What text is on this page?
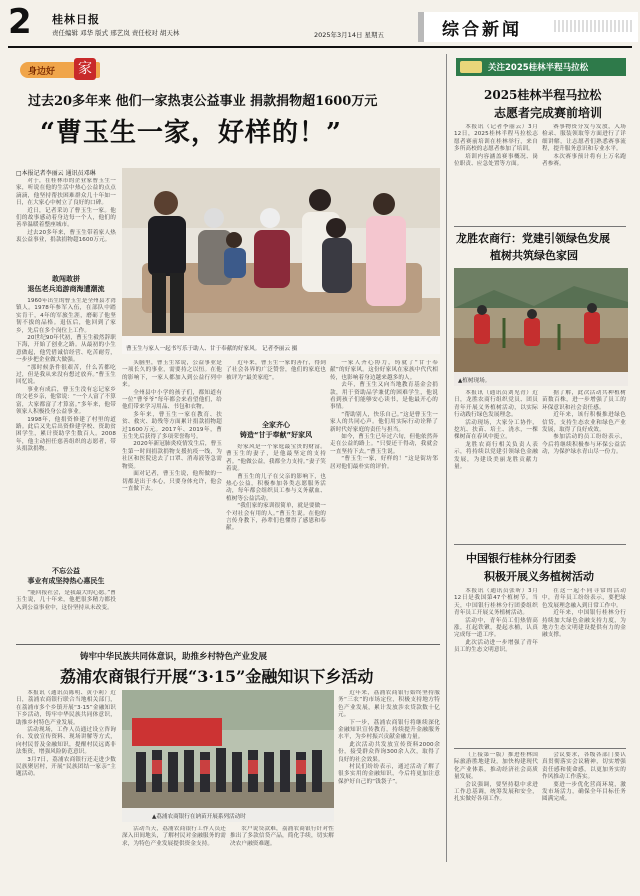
2 桂林日报
责任编辑 邓华 版式 邢艺岚 责任校对 胡天林	2025年3月14日 星期五	综合新闻
身边好 家
过去20多年来 他们一家热衷公益事业 捐款捐物超1600万元
“曹玉生一家，好样的！”
□本报记者李丽云 通讯员邓琳

对于，在桂林市的企业家曹玉生一家，听说在他的生活中热心公益的点点滴滴，他坚持帮扶困难群众几十年如一日，在大家心中树立了良好的口碑。

近日，记者采访了曹玉生一家。他们的故事感动着身边每一个人，他们的善举温暖着整座城市。

过去20多年来，曹玉生带着家人热衷公益事业，捐款捐物超1600万元。

敢闯敢拼
退伍老兵追游商海遭潮流

1960年出生的曹玉生是全州县才湾镇人。1978年参军入伍，在部队中踏实肯干，4年的军旅生涯，磨砺了他坚韧不拔的品格。退伍后，他回到了家乡，先后在多个岗位上工作。

20世纪90年代初，曹玉生毅然辞职下海，开始了创业之路。从最初的小生意做起，他凭借诚信经营、吃苦耐劳，一步步把企业做大做强。

“那时候条件很艰苦，什么苦都吃过，但是我从来没有想过放弃。”曹玉生回忆说。

事业有成后，曹玉生没有忘记家乡的父老乡亲，他常说：“一个人富了不算富，大家都富了才算富。”多年来，他带领家人积极投身公益事业。

1998年，他捐资修建了村里的道路。此后又先后出资修建学校、资助贫困学生，累计资助学生数百人。2008年，他主动担任慈善组织的志愿者，带头捐款捐物。

不忘公益
事业有成坚持热心惠民生

“能回报社会，是我最大的心愿。”曹玉生说，几十年来，他把很多精力都投入到公益事业中，这份坚持从未改变。

曹玉生与家人一起书写乐于助人、甘于奉献的好家风。 记者李丽云 摄

头脑里，曹玉生常说，公益事业是一项长久的事业，需要持之以恒。在他的影响下，一家人都加入到公益行列中来。

全州县中小学的孩子们，都知道有一位“曹爷爷”每年都会来看望他们，给他们带来学习用品、书包和衣物。

多年来，曹玉生一家在教育、扶贫、救灾、助残等方面累计捐款捐物超过1600万元。2017年、2019年，曹玉生先后获得了多项荣誉称号。

2020年新冠肺炎疫情发生后，曹玉生第一时间捐款捐物支援抗疫一线，为社区和医院送去了口罩、消毒液等急需物资。

面对记者，曹玉生说，他所做的一切都是出于本心，只要身体允许，他会一直做下去。

近年来，曹玉生一家的善行，得到了社会各界的广泛赞誉，他们的家庭也被评为“最美家庭”。

全家齐心
铸造“甘于奉献”好家风

好家风是一个家庭最宝贵的财富。曹玉生的妻子，是他最坚定的支持者。“他做公益，我都全力支持。”妻子笑着说。

曹玉生的儿子在父亲的影响下，也热心公益，积极参加各类志愿服务活动，每年都会组织员工参与义务献血、植树等公益活动。

“我们家的家训很简单，就是要做一个对社会有用的人。”曹玉生说。在他的言传身教下，孙辈们也懂得了感恩和奉献。

一家人齐心协力，铸就了“甘于奉献”的好家风。这份好家风在家族中代代相传，也影响着身边越来越多的人。

去年，曹玉生又向当地教育基金会捐款，用于资助品学兼优的困难学生，他说看到孩子们能够安心读书，是他最开心的事情。

“帮助别人，快乐自己。”这是曹玉生一家人的共同心声。他们用实际行动诠释了新时代好家庭的责任与担当。

如今，曹玉生已年过六旬，但他依然奔走在公益的路上。“只要还干得动，我就会一直坚持下去。”曹玉生说。

“曹玉生一家，好样的！”这是街坊邻居对他们最朴实的评价。

铸牢中华民族共同体意识，助推乡村特色产业发展
荔浦农商银行开展“3·15”金融知识下乡活动

本报讯（通讯员陈明、黄小莉）近日，荔浦农商银行联合当地相关部门，在荔浦市多个乡镇开展“3·15”金融知识下乡活动，铸牢中华民族共同体意识，助推乡村特色产业发展。

活动现场，工作人员通过设立咨询台、发放宣传资料、现场讲解等方式，向村民普及金融知识，提醒村民远离非法集资，增强风险防范意识。

3月7日，荔浦农商银行还走进少数民族聚居村，开展“民族团结一家亲”主题活动。

▲荔浦农商银行在讷苗开展系列活动时

活动当天，荔浦农商银行工作人员还深入田间地头，了解村民对金融服务的需求，为特色产业发展提供资金支持。

农户说贷款难，荔浦农商银行针对性推出了多款信贷产品，简化手续，切实解决农户融资难题。

近年来，荔浦农商银行始终坚持服务“三农”的市场定位，积极支持地方特色产业发展，累计发放涉农贷款数十亿元。

下一步，荔浦农商银行将继续深化金融知识宣传教育，持续提升金融服务水平，为乡村振兴贡献金融力量。

此次活动共发放宣传资料2000余份，接受群众咨询300余人次，取得了良好的社会效果。

村民们纷纷表示，通过活动了解了很多实用的金融知识，今后将更加注意保护好自己的“钱袋子”。

关注2025桂林半程马拉松
2025桂林半程马拉松
志愿者完成赛前培训

本报讯（记者李丽云）3月12日，2025桂林半程马拉松志愿者赛前培训在桂林举行，来自多所高校的志愿者参加了培训。

培训内容涵盖赛事概况、岗位职责、应急处置等方面。

赛事物资分发与发放，入场检录、服装领取等方面进行了详细讲解，让志愿者们熟悉赛事流程，提升服务意识和专业水平。

本次赛事预计将有上万名跑者参赛。

龙胜农商行：党建引领绿色发展
植树共筑绿色家园
▲植树现场。

本报讯（通讯员刘见青）近日，龙胜农商行组织党员、团员青年开展义务植树活动，以实际行动践行绿色发展理念。

活动现场，大家分工协作，挖坑、扶苗、培土、浇水，一棵棵树苗在春风中挺立。

龙胜农商行相关负责人表示，将持续以党建引领绿色金融发展，为建设美丽龙胜贡献力量。

据了解，此次活动共种植树苗数百株，进一步增强了员工的环保意识和社会责任感。

近年来，该行积极推进绿色信贷，支持生态农业和绿色产业发展，取得了良好成效。

参加活动的员工纷纷表示，今后将继续积极参与环保公益活动，为保护绿水青山尽一份力。

中国银行桂林分行团委
积极开展义务植树活动

本报讯（通讯员张昕）3月12日是我国第47个植树节。当天，中国银行桂林分行团委组织青年员工开展义务植树活动。

活动中，青年员工们热情高涨，扛起铁锹，提起水桶，认真完成每一道工序。

此次活动进一步增强了青年员工的生态文明意识。

在这一起不同寻常的活动中，青年员工纷纷表示，要把绿色发展理念融入到日常工作中。

近年来，中国银行桂林分行持续加大绿色金融支持力度，为地方生态文明建设提供有力的金融支撑。

（上接第一版）推进桂林国际旅游胜地建设，加快构建现代化产业体系，推动经济社会高质量发展。

会议强调，要坚持稳中求进工作总基调，统筹发展和安全，扎实做好各项工作。

会议要求，各级各部门要认真贯彻落实会议精神，切实增强责任感和使命感，以更加务实的作风推动工作落实。

要进一步优化营商环境，激发市场活力，确保全年目标任务圆满完成。
